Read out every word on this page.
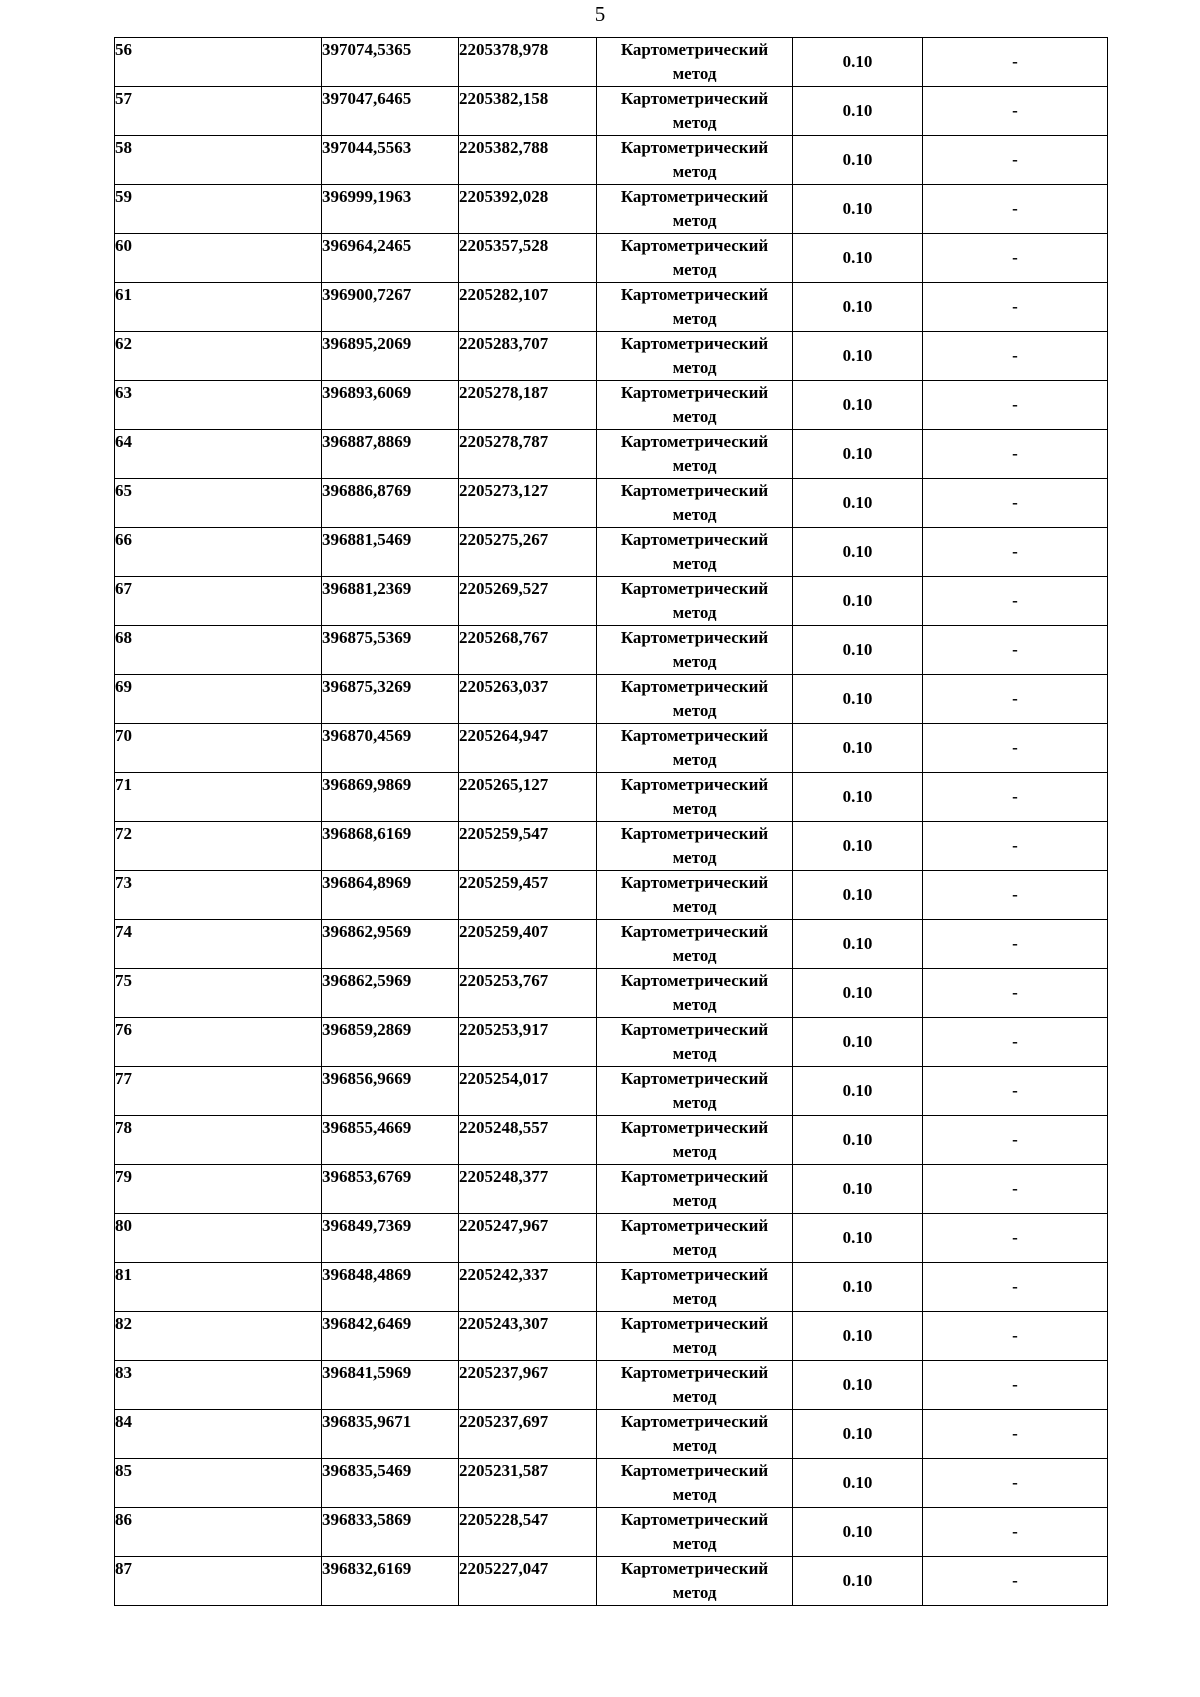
5
56	397074,5365	2205378,978	Картометрический
метод	0.10	-
57	397047,6465	2205382,158	Картометрический
метод	0.10	-
58	397044,5563	2205382,788	Картометрический
метод	0.10	-
59	396999,1963	2205392,028	Картометрический
метод	0.10	-
60	396964,2465	2205357,528	Картометрический
метод	0.10	-
61	396900,7267	2205282,107	Картометрический
метод	0.10	-
62	396895,2069	2205283,707	Картометрический
метод	0.10	-
63	396893,6069	2205278,187	Картометрический
метод	0.10	-
64	396887,8869	2205278,787	Картометрический
метод	0.10	-
65	396886,8769	2205273,127	Картометрический
метод	0.10	-
66	396881,5469	2205275,267	Картометрический
метод	0.10	-
67	396881,2369	2205269,527	Картометрический
метод	0.10	-
68	396875,5369	2205268,767	Картометрический
метод	0.10	-
69	396875,3269	2205263,037	Картометрический
метод	0.10	-
70	396870,4569	2205264,947	Картометрический
метод	0.10	-
71	396869,9869	2205265,127	Картометрический
метод	0.10	-
72	396868,6169	2205259,547	Картометрический
метод	0.10	-
73	396864,8969	2205259,457	Картометрический
метод	0.10	-
74	396862,9569	2205259,407	Картометрический
метод	0.10	-
75	396862,5969	2205253,767	Картометрический
метод	0.10	-
76	396859,2869	2205253,917	Картометрический
метод	0.10	-
77	396856,9669	2205254,017	Картометрический
метод	0.10	-
78	396855,4669	2205248,557	Картометрический
метод	0.10	-
79	396853,6769	2205248,377	Картометрический
метод	0.10	-
80	396849,7369	2205247,967	Картометрический
метод	0.10	-
81	396848,4869	2205242,337	Картометрический
метод	0.10	-
82	396842,6469	2205243,307	Картометрический
метод	0.10	-
83	396841,5969	2205237,967	Картометрический
метод	0.10	-
84	396835,9671	2205237,697	Картометрический
метод	0.10	-
85	396835,5469	2205231,587	Картометрический
метод	0.10	-
86	396833,5869	2205228,547	Картометрический
метод	0.10	-
87	396832,6169	2205227,047	Картометрический
метод	0.10	-
